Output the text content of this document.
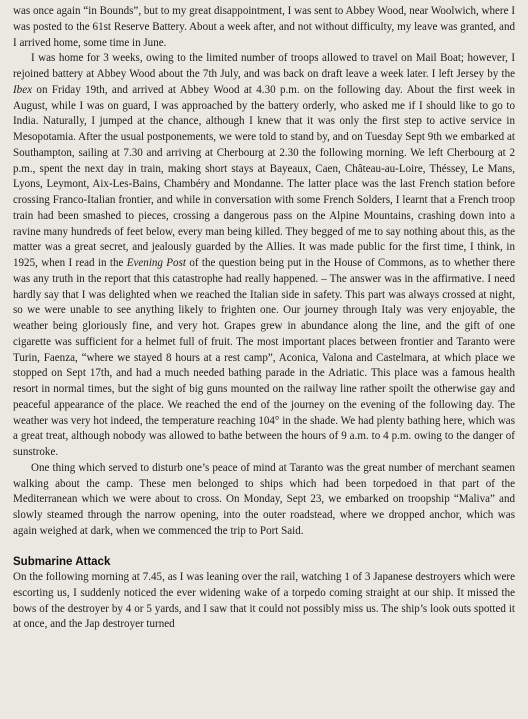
was once again “in Bounds”, but to my great disappointment, I was sent to Abbey Wood, near Woolwich, where I was posted to the 61st Reserve Battery. About a week after, and not without difficulty, my leave was granted, and I arrived home, some time in June.

I was home for 3 weeks, owing to the limited number of troops allowed to travel on Mail Boat; however, I rejoined battery at Abbey Wood about the 7th July, and was back on draft leave a week later. I left Jersey by the Ibex on Friday 19th, and arrived at Abbey Wood at 4.30 p.m. on the following day. About the first week in August, while I was on guard, I was approached by the battery orderly, who asked me if I should like to go to India. Naturally, I jumped at the chance, although I knew that it was only the first step to active service in Mesopotamia. After the usual postponements, we were told to stand by, and on Tuesday Sept 9th we embarked at Southampton, sailing at 7.30 and arriving at Cherbourg at 2.30 the following morning. We left Cherbourg at 2 p.m., spent the next day in train, making short stays at Bayeaux, Caen, Château-au-Loire, Théssey, Le Mans, Lyons, Leymont, Aix-Les-Bains, Chambéry and Mondanne. The latter place was the last French station before crossing Franco-Italian frontier, and while in conversation with some French Solders, I learnt that a French troop train had been smashed to pieces, crossing a dangerous pass on the Alpine Mountains, crashing down into a ravine many hundreds of feet below, every man being killed. They begged of me to say nothing about this, as the matter was a great secret, and jealously guarded by the Allies. It was made public for the first time, I think, in 1925, when I read in the Evening Post of the question being put in the House of Commons, as to whether there was any truth in the report that this catastrophe had really happened. – The answer was in the affirmative. I need hardly say that I was delighted when we reached the Italian side in safety. This part was always crossed at night, so we were unable to see anything likely to frighten one. Our journey through Italy was very enjoyable, the weather being gloriously fine, and very hot. Grapes grew in abundance along the line, and the gift of one cigarette was sufficient for a helmet full of fruit. The most important places between frontier and Taranto were Turin, Faenza, “where we stayed 8 hours at a rest camp”, Aconica, Valona and Castelmara, at which place we stopped on Sept 17th, and had a much needed bathing parade in the Adriatic. This place was a famous health resort in normal times, but the sight of big guns mounted on the railway line rather spoilt the otherwise gay and peaceful appearance of the place. We reached the end of the journey on the evening of the following day. The weather was very hot indeed, the temperature reaching 104° in the shade. We had plenty bathing here, which was a great treat, although nobody was allowed to bathe between the hours of 9 a.m. to 4 p.m. owing to the danger of sunstroke.

One thing which served to disturb one’s peace of mind at Taranto was the great number of merchant seamen walking about the camp. These men belonged to ships which had been torpedoed in that part of the Mediterranean which we were about to cross. On Monday, Sept 23, we embarked on troopship “Maliva” and slowly steamed through the narrow opening, into the outer roadstead, where we dropped anchor, which was again weighed at dark, when we commenced the trip to Port Said.

Submarine Attack

On the following morning at 7.45, as I was leaning over the rail, watching 1 of 3 Japanese destroyers which were escorting us, I suddenly noticed the ever widening wake of a torpedo coming straight at our ship. It missed the bows of the destroyer by 4 or 5 yards, and I saw that it could not possibly miss us. The ship’s look outs spotted it at once, and the Jap destroyer turned
